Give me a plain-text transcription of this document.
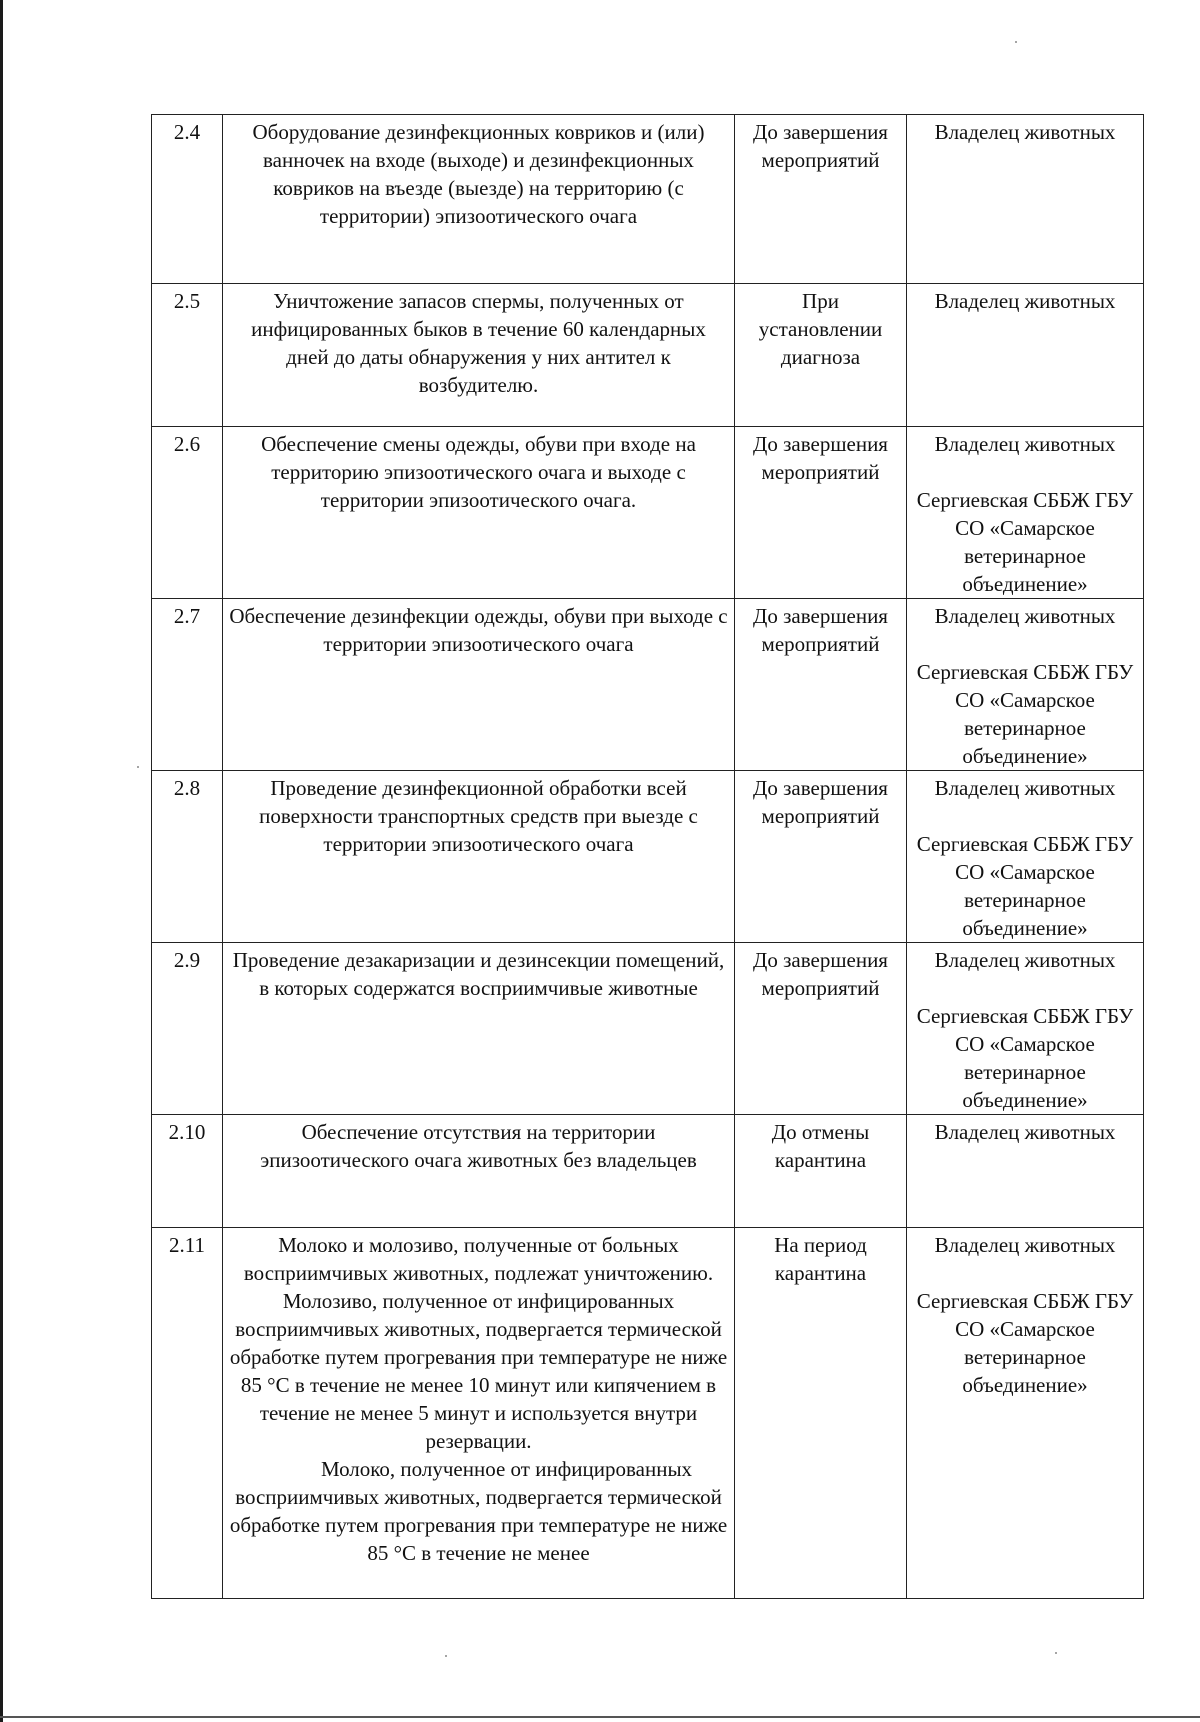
2.4	Оборудование дезинфекционных ковриков и (или) ванночек на входе (выходе) и дезинфекционных ковриков на въезде (выезде) на территорию (с территории) эпизоотического очага	До завершения мероприятий	Владелец животных

2.5	Уничтожение запасов спермы, полученных от инфицированных быков в течение 60 календарных дней до даты обнаружения у них антител к возбудителю.	При установлении диагноза	Владелец животных

2.6	Обеспечение смены одежды, обуви при входе на территорию эпизоотического очага и выходе с территории эпизоотического очага.	До завершения мероприятий	Владелец животных
Сергиевская СББЖ ГБУ СО «Самарское ветеринарное объединение»

2.7	Обеспечение дезинфекции одежды, обуви при выходе с территории эпизоотического очага	До завершения мероприятий	Владелец животных
Сергиевская СББЖ ГБУ СО «Самарское ветеринарное объединение»

2.8	Проведение дезинфекционной обработки всей поверхности транспортных средств при выезде с территории эпизоотического очага	До завершения мероприятий	Владелец животных
Сергиевская СББЖ ГБУ СО «Самарское ветеринарное объединение»

2.9	Проведение дезакаризации и дезинсекции помещений, в которых содержатся восприимчивые животные	До завершения мероприятий	Владелец животных
Сергиевская СББЖ ГБУ СО «Самарское ветеринарное объединение»

2.10	Обеспечение отсутствия на территории эпизоотического очага животных без владельцев	До отмены карантина	Владелец животных

2.11	Молоко и молозиво, полученные от больных восприимчивых животных, подлежат уничтожению. Молозиво, полученное от инфицированных восприимчивых животных, подвергается термической обработке путем прогревания при температуре не ниже 85 °С в течение не менее 10 минут или кипячением в течение не менее 5 минут и используется внутри резервации.
Молоко, полученное от инфицированных восприимчивых животных, подвергается термической обработке путем прогревания при температуре не ниже 85 °С в течение не менее	На период карантина	Владелец животных
Сергиевская СББЖ ГБУ СО «Самарское ветеринарное объединение»
